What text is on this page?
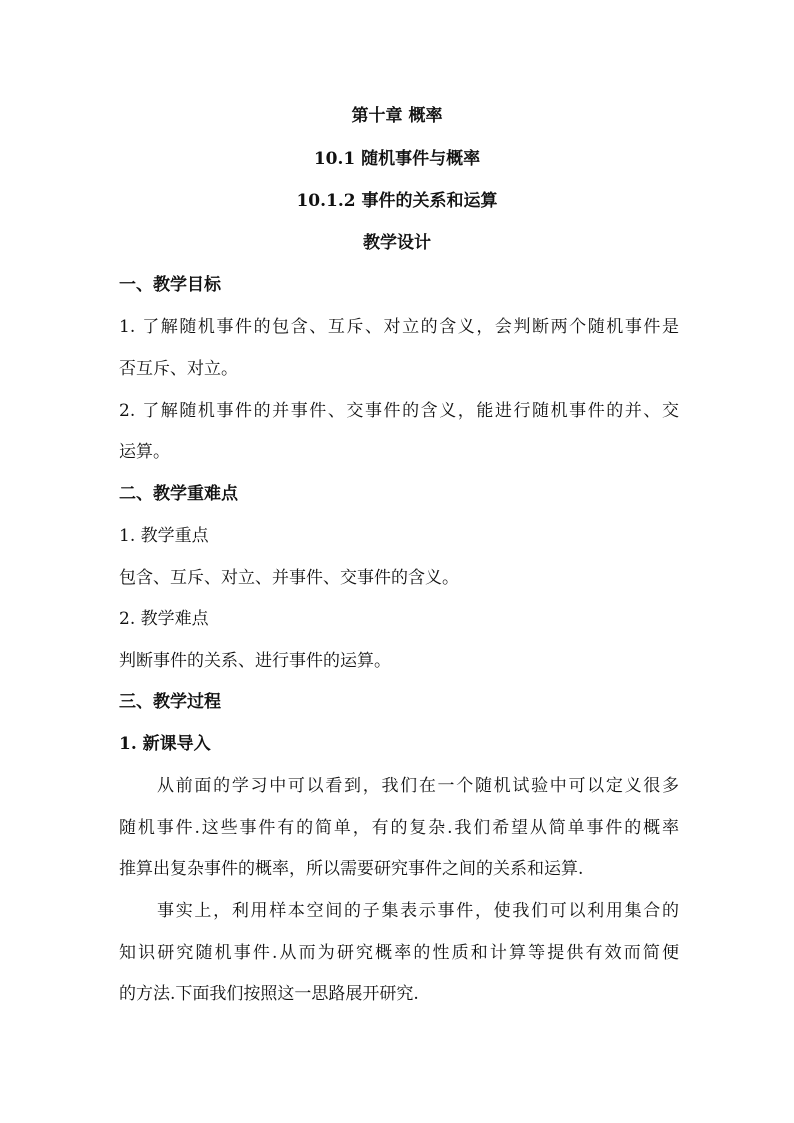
第十章 概率
10.1 随机事件与概率
10.1.2 事件的关系和运算
教学设计
一、教学目标
1. 了解随机事件的包含、互斥、对立的含义，会判断两个随机事件是
否互斥、对立。
2. 了解随机事件的并事件、交事件的含义，能进行随机事件的并、交
运算。
二、教学重难点
1. 教学重点
包含、互斥、对立、并事件、交事件的含义。
2. 教学难点
判断事件的关系、进行事件的运算。
三、教学过程
1. 新课导入
从前面的学习中可以看到，我们在一个随机试验中可以定义很多
随机事件.这些事件有的简单，有的复杂.我们希望从简单事件的概率
推算出复杂事件的概率，所以需要研究事件之间的关系和运算.
事实上，利用样本空间的子集表示事件，使我们可以利用集合的
知识研究随机事件.从而为研究概率的性质和计算等提供有效而简便
的方法.下面我们按照这一思路展开研究.
